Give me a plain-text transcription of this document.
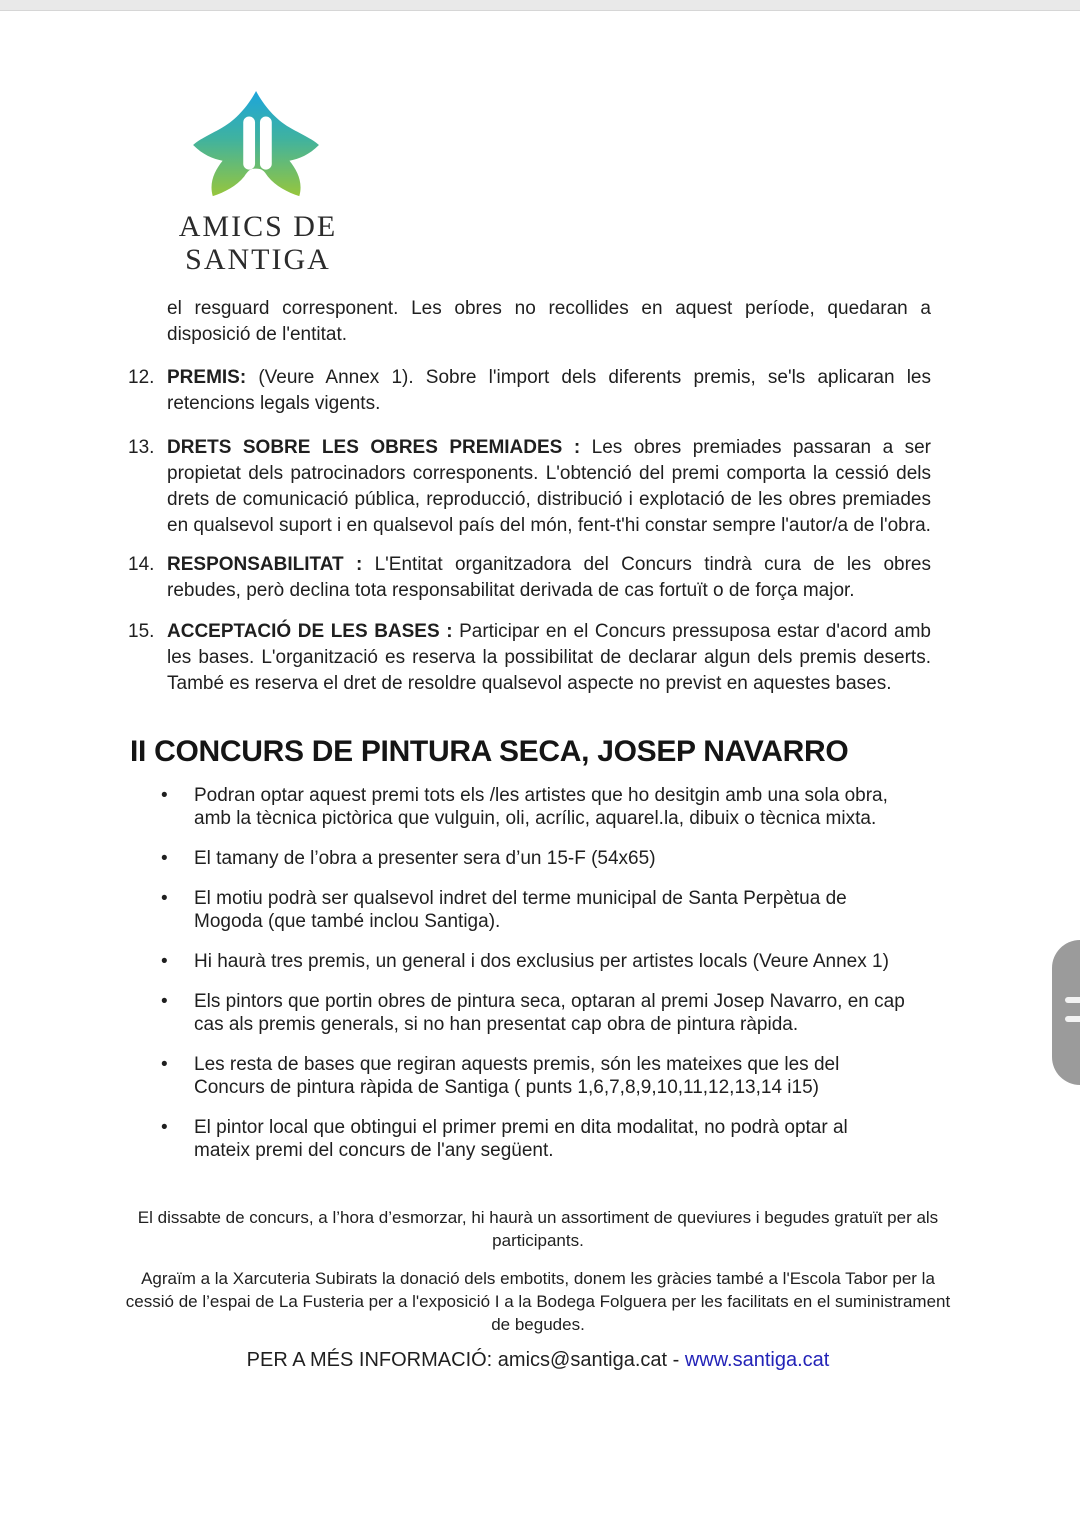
AMICS DE
SANTIGA

el resguard corresponent. Les obres no recollides en aquest període, quedaran a disposició de l'entitat.

12. PREMIS: (Veure Annex 1). Sobre l'import dels diferents premis, se'ls aplicaran les retencions legals vigents.
13. DRETS SOBRE LES OBRES PREMIADES : Les obres premiades passaran a ser propietat dels patrocinadors corresponents. L'obtenció del premi comporta la cessió dels drets de comunicació pública, reproducció, distribució i explotació de les obres premiades en qualsevol suport i en qualsevol país del món, fent-t'hi constar sempre l'autor/a de l'obra.
14. RESPONSABILITAT : L'Entitat organitzadora del Concurs tindrà cura de les obres rebudes, però declina tota responsabilitat derivada de cas fortuït o de força major.
15. ACCEPTACIÓ DE LES BASES : Participar en el Concurs pressuposa estar d'acord amb les bases. L'organització es reserva la possibilitat de declarar algun dels premis deserts. També es reserva el dret de resoldre qualsevol aspecte no previst en aquestes bases.
II CONCURS DE PINTURA SECA, JOSEP NAVARRO
• Podran optar aquest premi tots els /les artistes que ho desitgin amb una sola obra, amb la tècnica pictòrica que vulguin, oli, acrílic, aquarel.la, dibuix o tècnica mixta.
• El tamany de l’obra a presenter sera d’un 15-F (54x65)
• El motiu podrà ser qualsevol indret del terme municipal de Santa Perpètua de Mogoda (que també inclou Santiga).
• Hi haurà tres premis, un general i dos exclusius per artistes locals (Veure Annex 1)
• Els pintors que portin obres de pintura seca, optaran al premi Josep Navarro, en cap cas als premis generals, si no han presentat cap obra de pintura ràpida.
• Les resta de bases que regiran aquests premis, són les mateixes que les del Concurs de pintura ràpida de Santiga ( punts 1,6,7,8,9,10,11,12,13,14 i15)
• El pintor local que obtingui el primer premi en dita modalitat, no podrà optar al mateix premi del concurs de l'any següent.

El dissabte de concurs, a l’hora d’esmorzar, hi haurà un assortiment de queviures i begudes gratuït per als participants.

Agraïm a la Xarcuteria Subirats la donació dels embotits, donem les gràcies també a l'Escola Tabor per la cessió de l’espai de La Fusteria per a l'exposició I a la Bodega Folguera per les facilitats en el suministrament de begudes.

PER A MÉS INFORMACIÓ: amics@santiga.cat - www.santiga.cat
